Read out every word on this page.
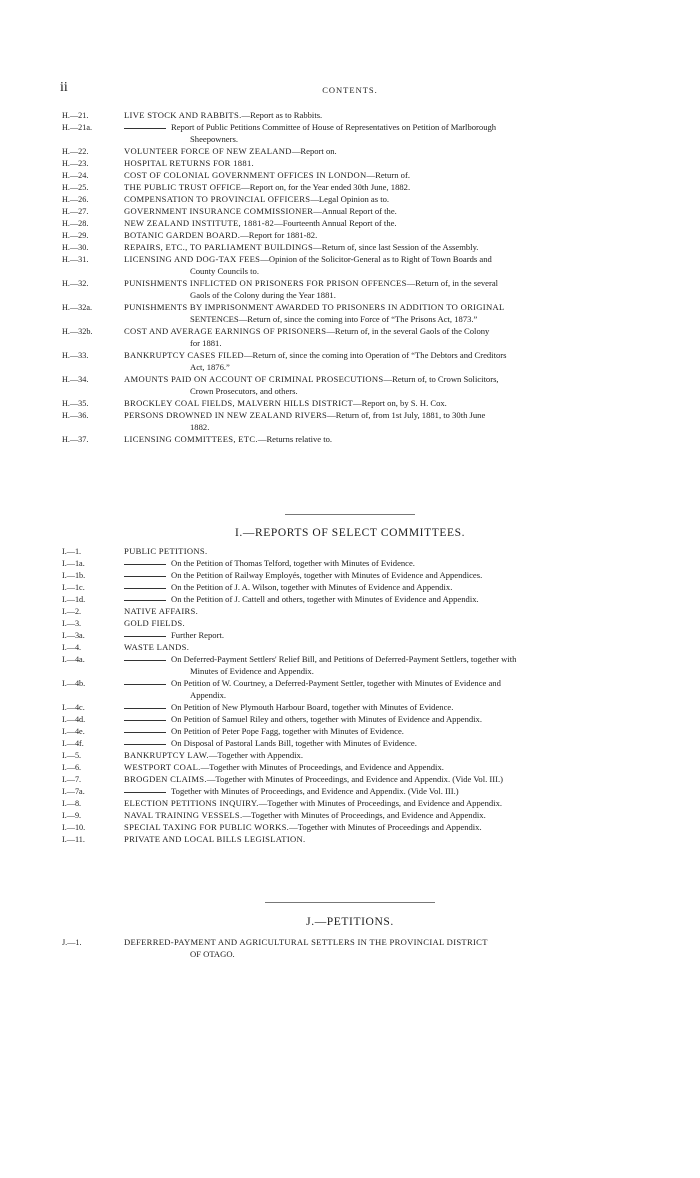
ii	CONTENTS.
H.—21.	LIVE STOCK AND RABBITS.—Report as to Rabbits.
H.—21a.	Report of Public Petitions Committee of House of Representatives on Petition of Marlborough
Sheepowners.
H.—22.	VOLUNTEER FORCE OF NEW ZEALAND—Report on.
H.—23.	HOSPITAL RETURNS FOR 1881.
H.—24.	COST OF COLONIAL GOVERNMENT OFFICES IN LONDON—Return of.
H.—25.	THE PUBLIC TRUST OFFICE—Report on, for the Year ended 30th June, 1882.
H.—26.	COMPENSATION TO PROVINCIAL OFFICERS—Legal Opinion as to.
H.—27.	GOVERNMENT INSURANCE COMMISSIONER—Annual Report of the.
H.—28.	NEW ZEALAND INSTITUTE, 1881-82—Fourteenth Annual Report of the.
H.—29.	BOTANIC GARDEN BOARD.—Report for 1881-82.
H.—30.	REPAIRS, ETC., TO PARLIAMENT BUILDINGS—Return of, since last Session of the Assembly.
H.—31.	LICENSING AND DOG-TAX FEES—Opinion of the Solicitor-General as to Right of Town Boards and
County Councils to.
H.—32.	PUNISHMENTS INFLICTED ON PRISONERS FOR PRISON OFFENCES—Return of, in the several
Gaols of the Colony during the Year 1881.
H.—32a.	PUNISHMENTS BY IMPRISONMENT AWARDED TO PRISONERS IN ADDITION TO ORIGINAL
SENTENCES—Return of, since the coming into Force of “The Prisons Act, 1873.”
H.—32b.	COST AND AVERAGE EARNINGS OF PRISONERS—Return of, in the several Gaols of the Colony
for 1881.
H.—33.	BANKRUPTCY CASES FILED—Return of, since the coming into Operation of “The Debtors and Creditors
Act, 1876.”
H.—34.	AMOUNTS PAID ON ACCOUNT OF CRIMINAL PROSECUTIONS—Return of, to Crown Solicitors,
Crown Prosecutors, and others.
H.—35.	BROCKLEY COAL FIELDS, MALVERN HILLS DISTRICT—Report on, by S. H. Cox.
H.—36.	PERSONS DROWNED IN NEW ZEALAND RIVERS—Return of, from 1st July, 1881, to 30th June
1882.
H.—37.	LICENSING COMMITTEES, ETC.—Returns relative to.
I.—REPORTS OF SELECT COMMITTEES.
I.—1.	PUBLIC PETITIONS.
I.—1a.	On the Petition of Thomas Telford, together with Minutes of Evidence.
I.—1b.	On the Petition of Railway Employés, together with Minutes of Evidence and Appendices.
I.—1c.	On the Petition of J. A. Wilson, together with Minutes of Evidence and Appendix.
I.—1d.	On the Petition of J. Cattell and others, together with Minutes of Evidence and Appendix.
I.—2.	NATIVE AFFAIRS.
I.—3.	GOLD FIELDS.
I.—3a.	Further Report.
I.—4.	WASTE LANDS.
I.—4a.	On Deferred-Payment Settlers' Relief Bill, and Petitions of Deferred-Payment Settlers, together with
Minutes of Evidence and Appendix.
I.—4b.	On Petition of W. Courtney, a Deferred-Payment Settler, together with Minutes of Evidence and
Appendix.
I.—4c.	On Petition of New Plymouth Harbour Board, together with Minutes of Evidence.
I.—4d.	On Petition of Samuel Riley and others, together with Minutes of Evidence and Appendix.
I.—4e.	On Petition of Peter Pope Fagg, together with Minutes of Evidence.
I.—4f.	On Disposal of Pastoral Lands Bill, together with Minutes of Evidence.
I.—5.	BANKRUPTCY LAW.—Together with Appendix.
I.—6.	WESTPORT COAL.—Together with Minutes of Proceedings, and Evidence and Appendix.
I.—7.	BROGDEN CLAIMS.—Together with Minutes of Proceedings, and Evidence and Appendix. (Vide Vol. III.)
I.—7a.	Together with Minutes of Proceedings, and Evidence and Appendix. (Vide Vol. III.)
I.—8.	ELECTION PETITIONS INQUIRY.—Together with Minutes of Proceedings, and Evidence and Appendix.
I.—9.	NAVAL TRAINING VESSELS.—Together with Minutes of Proceedings, and Evidence and Appendix.
I.—10.	SPECIAL TAXING FOR PUBLIC WORKS.—Together with Minutes of Proceedings and Appendix.
I.—11.	PRIVATE AND LOCAL BILLS LEGISLATION.
J.—PETITIONS.
J.—1.	DEFERRED-PAYMENT AND AGRICULTURAL SETTLERS IN THE PROVINCIAL DISTRICT
OF OTAGO.
